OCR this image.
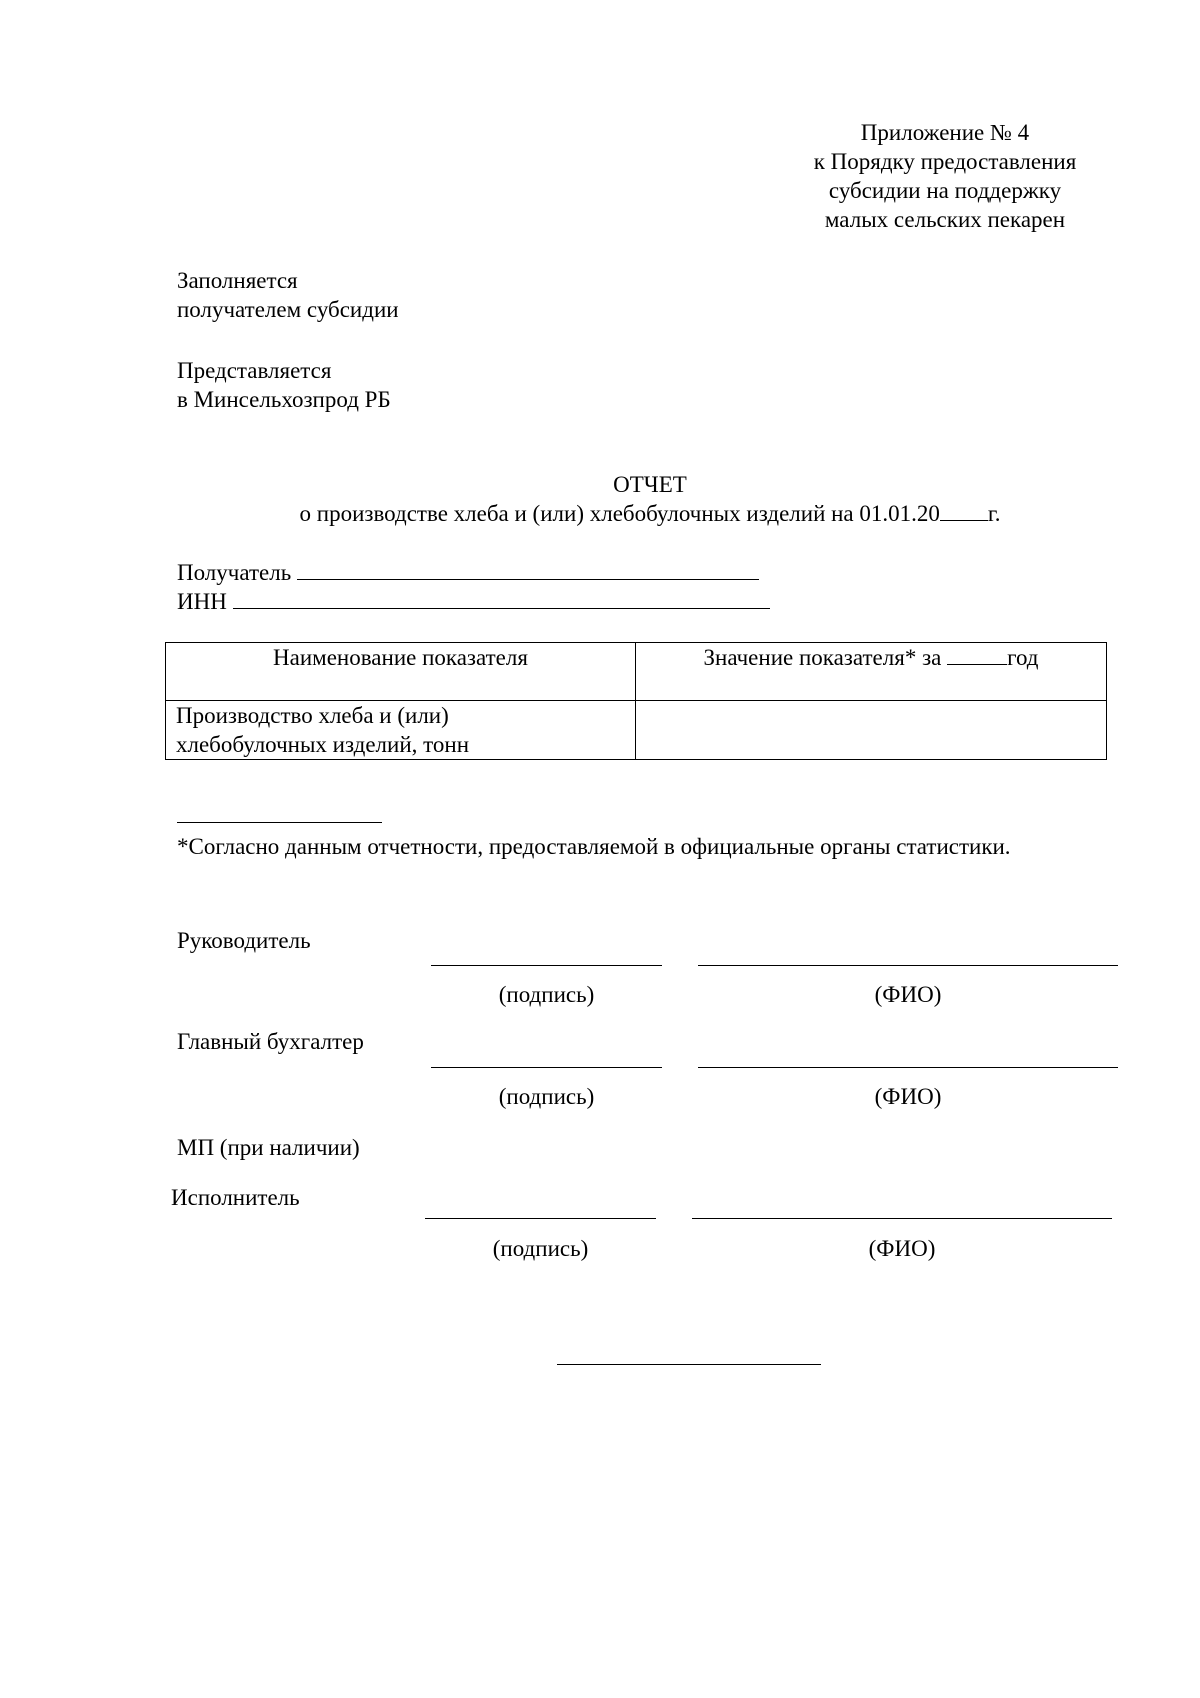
Приложение № 4
к Порядку предоставления
субсидии на поддержку
малых сельских пекарен
Заполняется
получателем субсидии
Представляется
в Минсельхозпрод РБ
ОТЧЕТ
о производстве хлеба и (или) хлебобулочных изделий на 01.01.20 г.
Получатель
ИНН
Наименование показателя	Значение показателя* за год

Производство хлеба и (или)
хлебобулочных изделий, тонн	

*Согласно данным отчетности, предоставляемой в официальные органы статистики.
Руководитель
(подпись)	(ФИО)
Главный бухгалтер
(подпись)	(ФИО)
МП (при наличии)
Исполнитель
(подпись)	(ФИО)
